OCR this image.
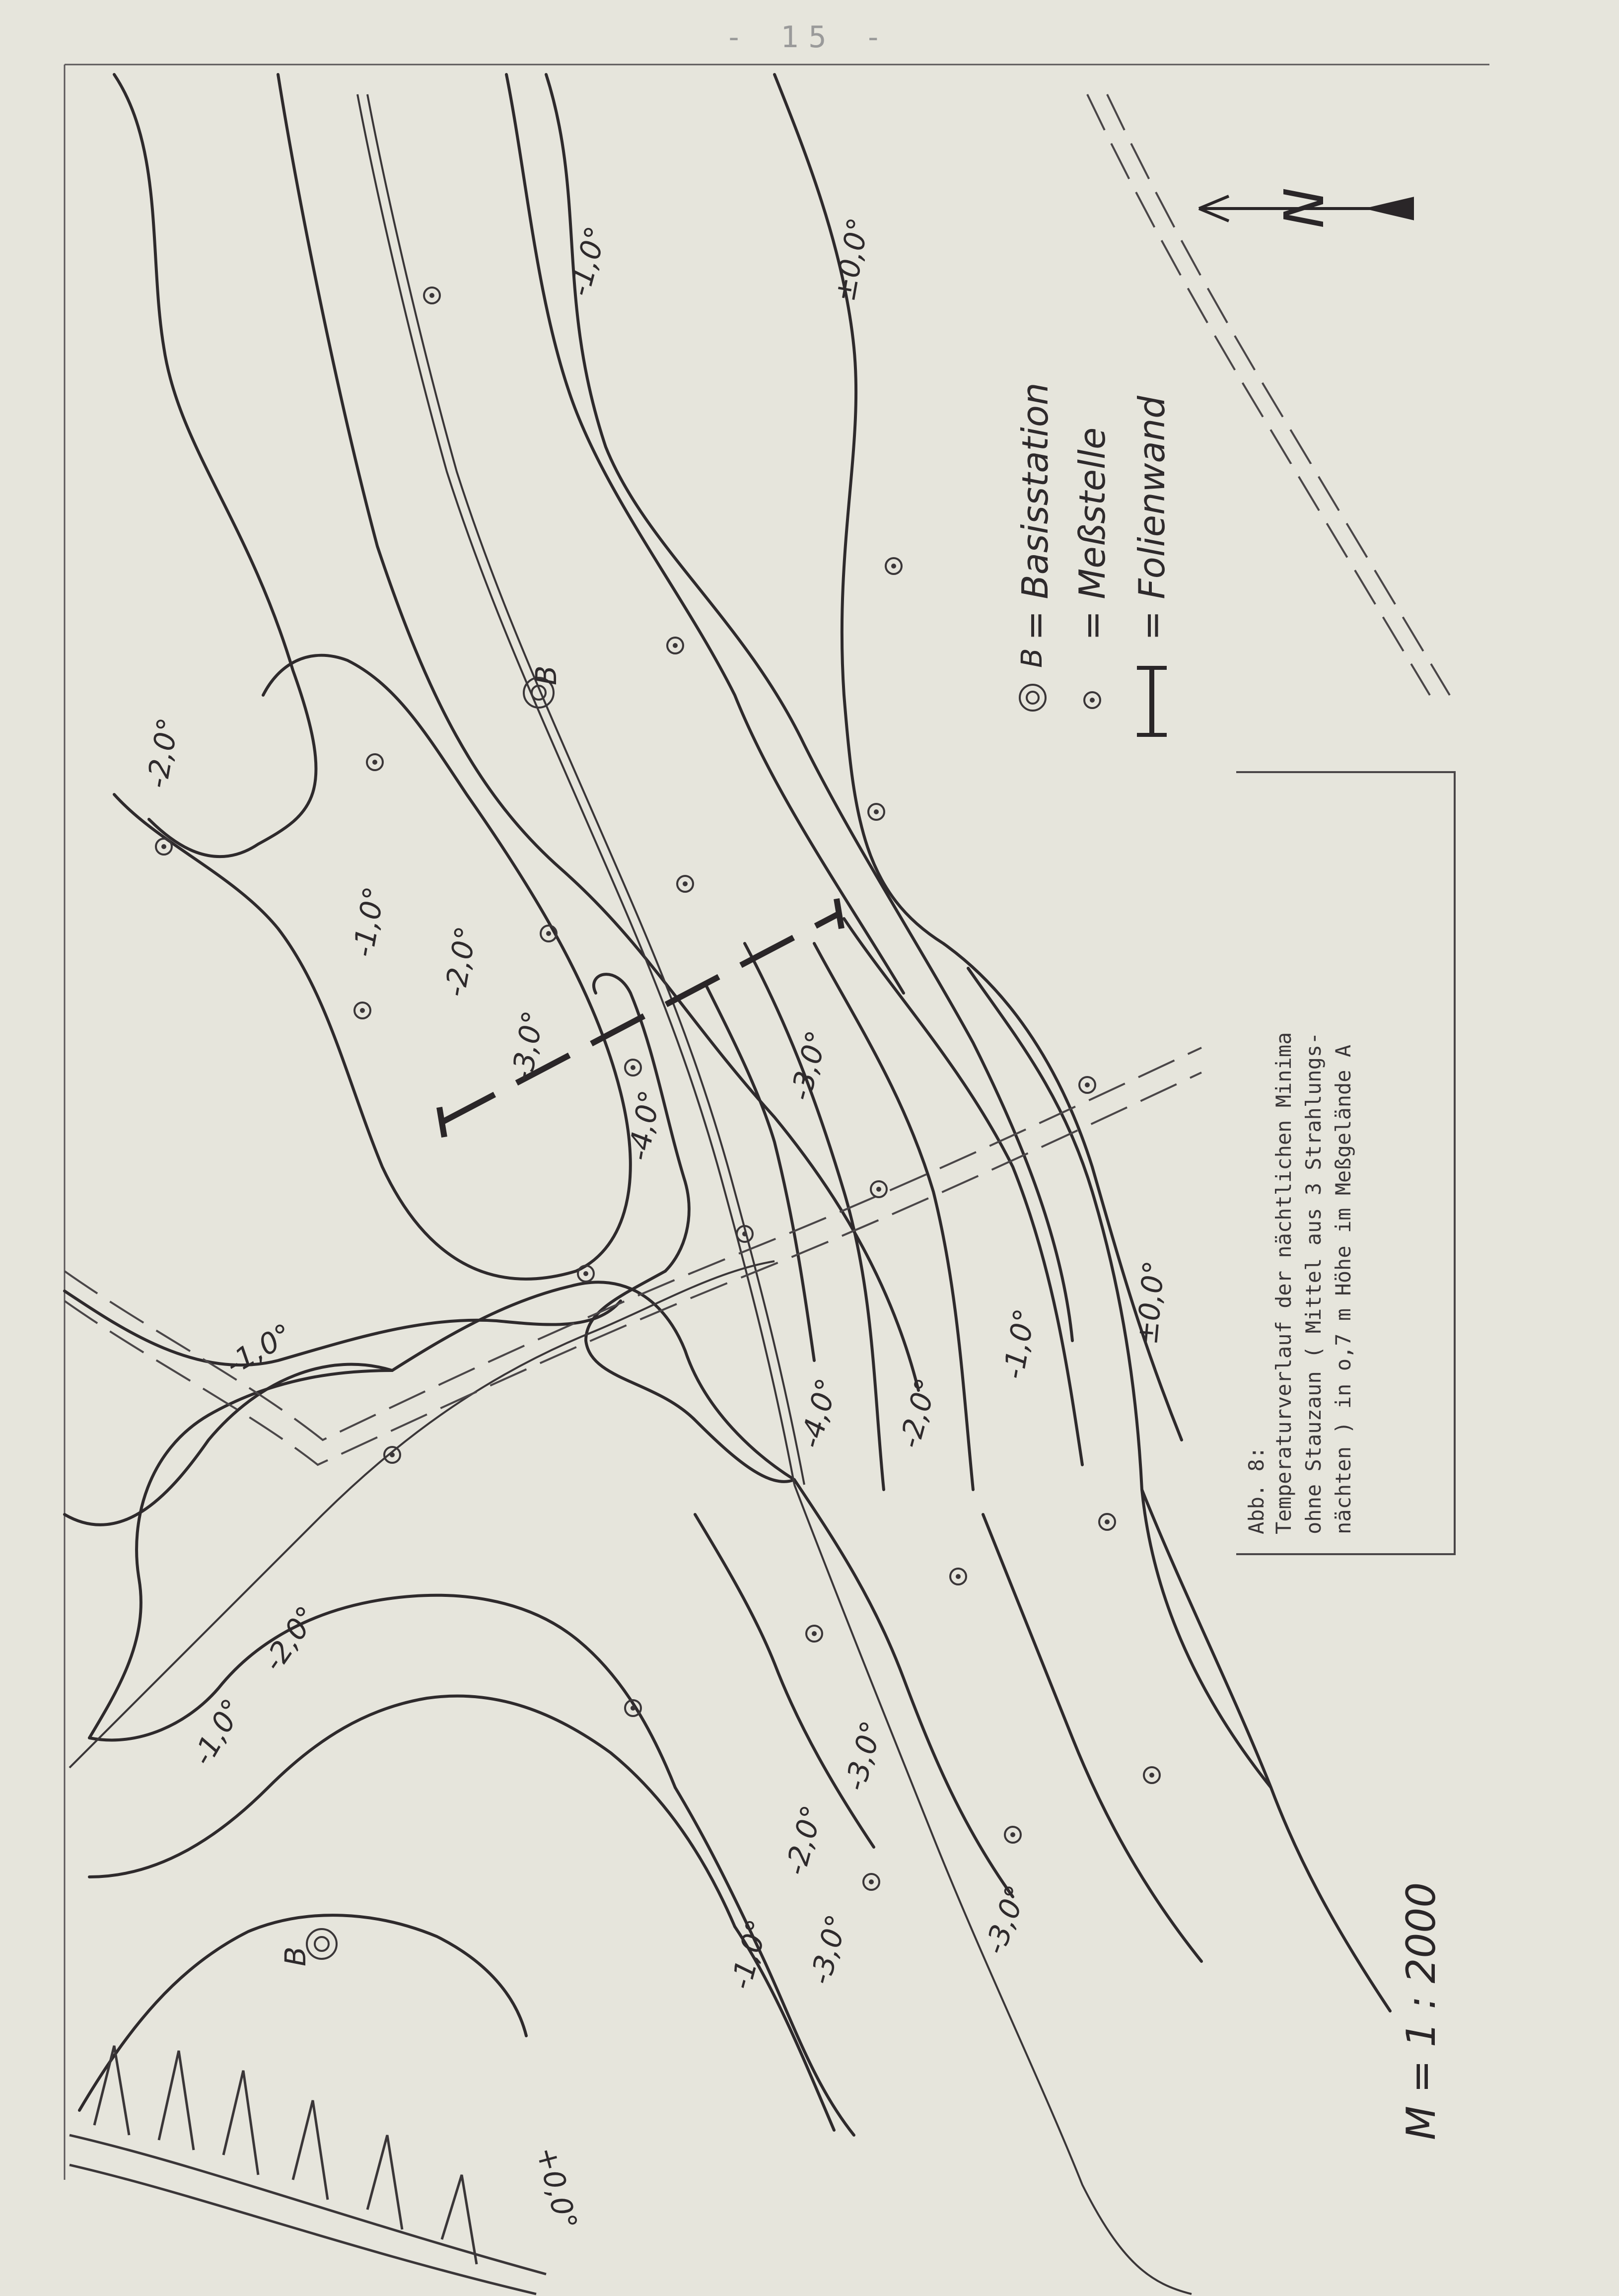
- 15 -
B
B
-1,0°	±0,0°
-2,0°
-1,0°
-2,0°
-3,0°
-4,0°
-3,0°
-1,0°
-4,0° -2,0°
-1,0°	±0,0°
-2,0°
-1,0°	-3,0°
-2,0°
-3,0°
-1,0°	-3,0°
+0,0°
B
= Basisstation = Meßstelle = Folienwand
N
Abb. 8: Temperaturverlauf der nächtlichen Minima ohne Stauzaun ( Mittel aus 3 Strahlungs- nächten ) in o,7 m Höhe im Meßgelände A
M = 1 : 2000
